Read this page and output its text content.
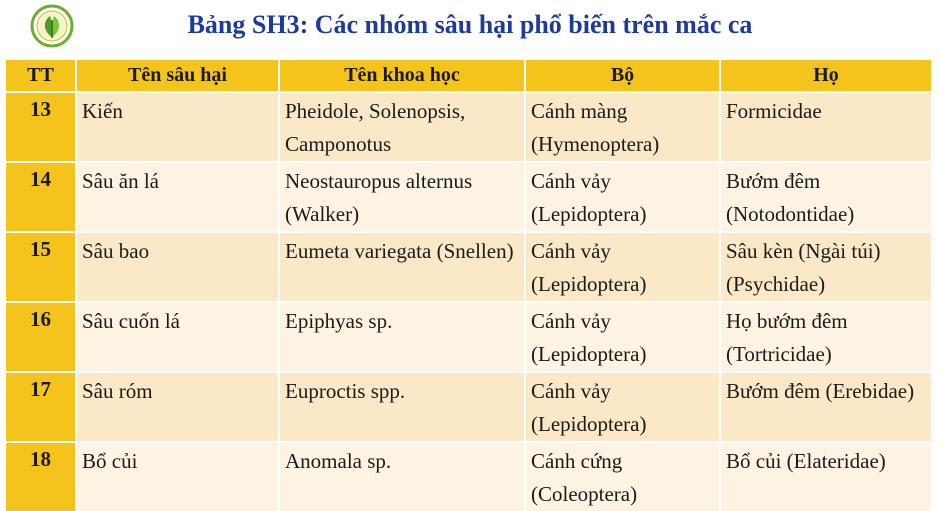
Bảng SH3: Các nhóm sâu hại phổ biến trên mắc ca
TT	Tên sâu hại	Tên khoa học	Bộ	Họ
13	Kiến	Pheidole, Solenopsis, Camponotus	Cánh màng (Hymenoptera)	Formicidae
14	Sâu ăn lá	Neostauropus alternus (Walker)	Cánh vảy (Lepidoptera)	Bướm đêm (Notodontidae)
15	Sâu bao	Eumeta variegata (Snellen)	Cánh vảy (Lepidoptera)	Sâu kèn (Ngài túi) (Psychidae)
16	Sâu cuốn lá	Epiphyas sp.	Cánh vảy (Lepidoptera)	Họ bướm đêm (Tortricidae)
17	Sâu róm	Euproctis spp.	Cánh vảy (Lepidoptera)	Bướm đêm (Erebidae)
18	Bổ củi	Anomala sp.	Cánh cứng (Coleoptera)	Bổ củi (Elateridae)
